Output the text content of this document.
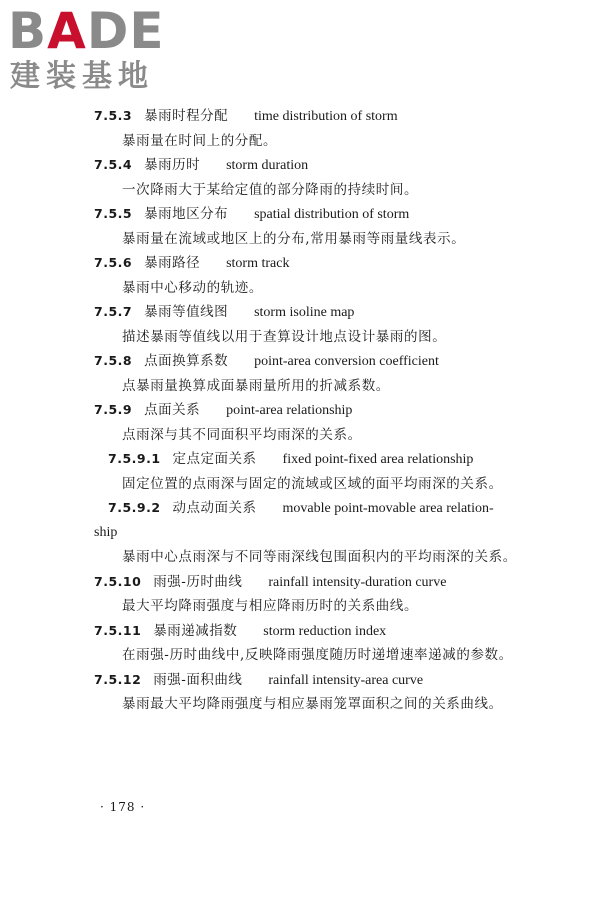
BADE
建装基地
7.5.3 暴雨时程分配 time distribution of storm

暴雨量在时间上的分配。

7.5.4 暴雨历时 storm duration

一次降雨大于某给定值的部分降雨的持续时间。

7.5.5 暴雨地区分布 spatial distribution of storm

暴雨量在流域或地区上的分布,常用暴雨等雨量线表示。

7.5.6 暴雨路径 storm track

暴雨中心移动的轨迹。

7.5.7 暴雨等值线图 storm isoline map

描述暴雨等值线以用于查算设计地点设计暴雨的图。

7.5.8 点面换算系数 point-area conversion coefficient

点暴雨量换算成面暴雨量所用的折减系数。

7.5.9 点面关系 point-area relationship

点雨深与其不同面积平均雨深的关系。

7.5.9.1 定点定面关系 fixed point-fixed area relationship

固定位置的点雨深与固定的流域或区域的面平均雨深的关系。

7.5.9.2 动点动面关系 movable point-movable area relation-

ship

暴雨中心点雨深与不同等雨深线包围面积内的平均雨深的关系。

7.5.10 雨强-历时曲线 rainfall intensity-duration curve

最大平均降雨强度与相应降雨历时的关系曲线。

7.5.11 暴雨递减指数 storm reduction index

在雨强-历时曲线中,反映降雨强度随历时递增速率递减的参数。

7.5.12 雨强-面积曲线 rainfall intensity-area curve

暴雨最大平均降雨强度与相应暴雨笼罩面积之间的关系曲线。

· 178 ·
